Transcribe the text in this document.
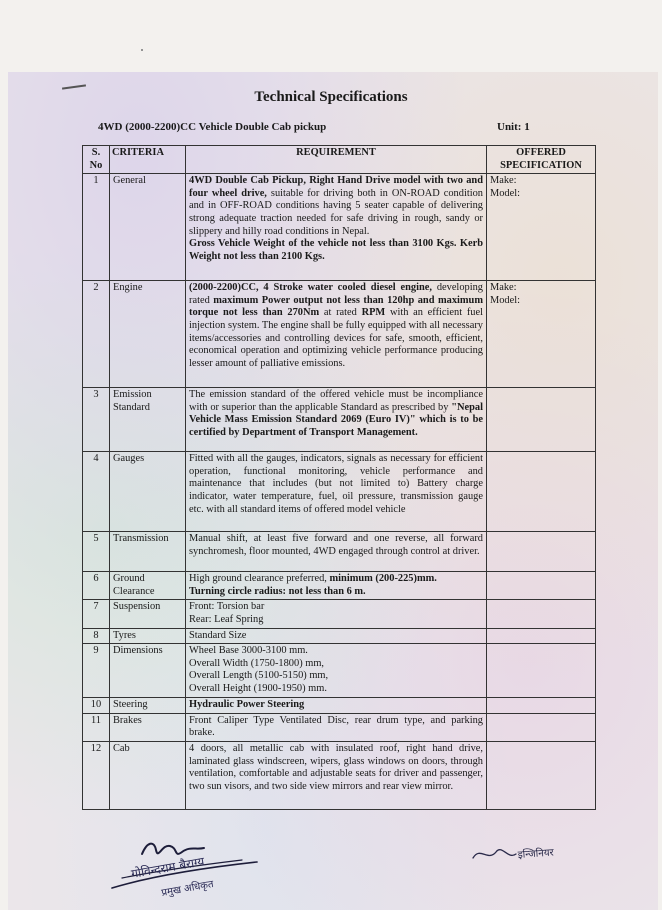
Technical Specifications
4WD (2000-2200)CC Vehicle Double Cab pickup	Unit: 1
S.
No	CRITERIA	REQUIREMENT	OFFERED
SPECIFICATION
1	General	4WD Double Cab Pickup, Right Hand Drive model with two and four wheel drive, suitable for driving both in ON-ROAD condition and in OFF-ROAD conditions having 5 seater capable of delivering strong adequate traction needed for safe driving in rough, sandy or slippery and hilly road conditions in Nepal.
Gross Vehicle Weight of the vehicle not less than 3100 Kgs. Kerb Weight not less than 2100 Kgs.	Make:
Model:
2	Engine	(2000-2200)CC, 4 Stroke water cooled diesel engine, developing rated maximum Power output not less than 120hp and maximum torque not less than 270Nm at rated RPM with an efficient fuel injection system. The engine shall be fully equipped with all necessary items/accessories and controlling devices for safe, smooth, efficient, economical operation and optimizing vehicle performance producing lesser amount of palliative emissions.	Make:
Model:
3	Emission
Standard	The emission standard of the offered vehicle must be incompliance with or superior than the applicable Standard as prescribed by "Nepal Vehicle Mass Emission Standard 2069 (Euro IV)" which is to be certified by Department of Transport Management.	
4	Gauges	Fitted with all the gauges, indicators, signals as necessary for efficient operation, functional monitoring, vehicle performance and maintenance that includes (but not limited to) Battery charge indicator, water temperature, fuel, oil pressure, transmission gauge etc. with all standard items of offered model vehicle	
5	Transmission	Manual shift, at least five forward and one reverse, all forward synchromesh, floor mounted, 4WD engaged through control at driver.	
6	Ground
Clearance	High ground clearance preferred, minimum (200-225)mm.
Turning circle radius: not less than 6 m.	
7	Suspension	Front: Torsion bar
Rear: Leaf Spring	
8	Tyres	Standard Size	
9	Dimensions	Wheel Base 3000-3100 mm.
Overall Width (1750-1800) mm,
Overall Length (5100-5150) mm,
Overall Height (1900-1950) mm.	
10	Steering	Hydraulic Power Steering	
11	Brakes	Front Caliper Type Ventilated Disc, rear drum type, and parking brake.	
12	Cab	4 doors, all metallic cab with insulated roof, right hand drive, laminated glass windscreen, wipers, glass windows on doors, through ventilation, comfortable and adjustable seats for driver and passenger, two sun visors, and two side view mirrors and rear view mirror.	
गोविन्दराम बैराग्य
प्रमुख अधिकृत
इन्जिनियर
